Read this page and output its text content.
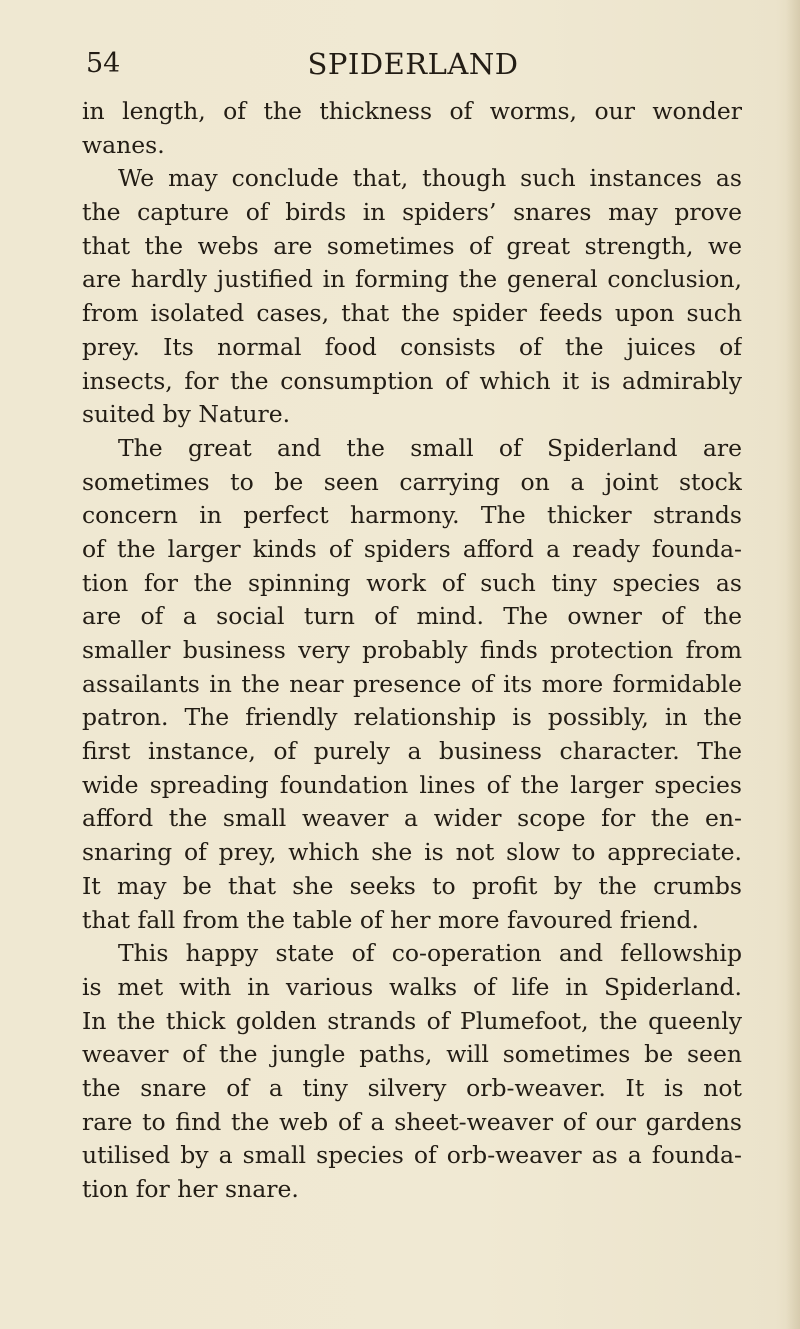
54	SPIDERLAND
in length, of the thickness of worms, our wonder
wanes.
We may conclude that, though such instances as
the capture of birds in spiders’ snares may prove
that the webs are sometimes of great strength, we
are hardly justified in forming the general conclusion,
from isolated cases, that the spider feeds upon such
prey. Its normal food consists of the juices of
insects, for the consumption of which it is admirably
suited by Nature.
The great and the small of Spiderland are
sometimes to be seen carrying on a joint stock
concern in perfect harmony. The thicker strands
of the larger kinds of spiders afford a ready founda-
tion for the spinning work of such tiny species as
are of a social turn of mind. The owner of the
smaller business very probably finds protection from
assailants in the near presence of its more formidable
patron. The friendly relationship is possibly, in the
first instance, of purely a business character. The
wide spreading foundation lines of the larger species
afford the small weaver a wider scope for the en-
snaring of prey, which she is not slow to appreciate.
It may be that she seeks to profit by the crumbs
that fall from the table of her more favoured friend.
This happy state of co-operation and fellowship
is met with in various walks of life in Spiderland.
In the thick golden strands of Plumefoot, the queenly
weaver of the jungle paths, will sometimes be seen
the snare of a tiny silvery orb-weaver. It is not
rare to find the web of a sheet-weaver of our gardens
utilised by a small species of orb-weaver as a founda-
tion for her snare.
